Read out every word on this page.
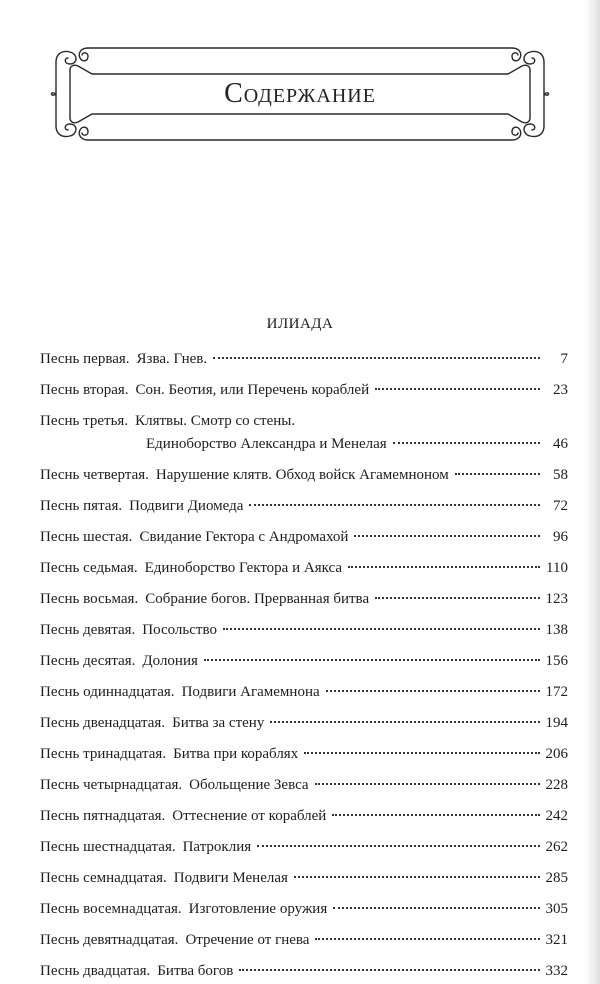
Содержание
ИЛИАДА
Песнь первая. Язва. Гнев.	7
Песнь вторая. Сон. Беотия, или Перечень кораблей	23
Песнь третья. Клятвы. Смотр со стены.
Единоборство Александра и Менелая	46
Песнь четвертая. Нарушение клятв. Обход войск Агамемноном	58
Песнь пятая. Подвиги Диомеда	72
Песнь шестая. Свидание Гектора с Андромахой	96
Песнь седьмая. Единоборство Гектора и Аякса	110
Песнь восьмая. Собрание богов. Прерванная битва	123
Песнь девятая. Посольство	138
Песнь десятая. Долония	156
Песнь одиннадцатая. Подвиги Агамемнона	172
Песнь двенадцатая. Битва за стену	194
Песнь тринадцатая. Битва при кораблях	206
Песнь четырнадцатая. Обольщение Зевса	228
Песнь пятнадцатая. Оттеснение от кораблей	242
Песнь шестнадцатая. Патроклия	262
Песнь семнадцатая. Подвиги Менелая	285
Песнь восемнадцатая. Изготовление оружия	305
Песнь девятнадцатая. Отречение от гнева	321
Песнь двадцатая. Битва богов	332
